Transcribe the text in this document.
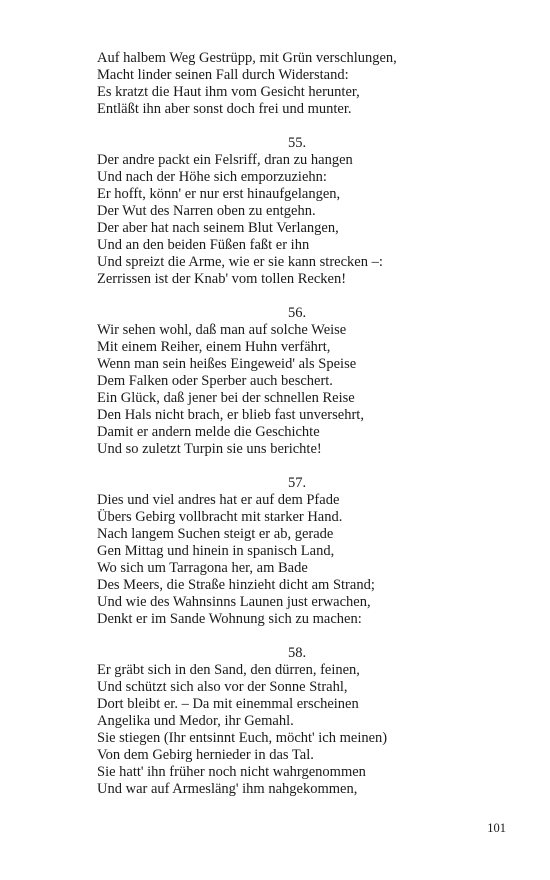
Auf halbem Weg Gestrüpp, mit Grün verschlungen,

Macht linder seinen Fall durch Widerstand:

Es kratzt die Haut ihm vom Gesicht herunter,

Entläßt ihn aber sonst doch frei und munter.

55.

Der andre packt ein Felsriff, dran zu hangen

Und nach der Höhe sich emporzuziehn:

Er hofft, könn' er nur erst hinaufgelangen,

Der Wut des Narren oben zu entgehn.

Der aber hat nach seinem Blut Verlangen,

Und an den beiden Füßen faßt er ihn

Und spreizt die Arme, wie er sie kann strecken –:

Zerrissen ist der Knab' vom tollen Recken!

56.

Wir sehen wohl, daß man auf solche Weise

Mit einem Reiher, einem Huhn verfährt,

Wenn man sein heißes Eingeweid' als Speise

Dem Falken oder Sperber auch beschert.

Ein Glück, daß jener bei der schnellen Reise

Den Hals nicht brach, er blieb fast unversehrt,

Damit er andern melde die Geschichte

Und so zuletzt Turpin sie uns berichte!

57.

Dies und viel andres hat er auf dem Pfade

Übers Gebirg vollbracht mit starker Hand.

Nach langem Suchen steigt er ab, gerade

Gen Mittag und hinein in spanisch Land,

Wo sich um Tarragona her, am Bade

Des Meers, die Straße hinzieht dicht am Strand;

Und wie des Wahnsinns Launen just erwachen,

Denkt er im Sande Wohnung sich zu machen:

58.

Er gräbt sich in den Sand, den dürren, feinen,

Und schützt sich also vor der Sonne Strahl,

Dort bleibt er. – Da mit einemmal erscheinen

Angelika und Medor, ihr Gemahl.

Sie stiegen (Ihr entsinnt Euch, möcht' ich meinen)

Von dem Gebirg hernieder in das Tal.

Sie hatt' ihn früher noch nicht wahrgenommen

Und war auf Armesläng' ihm nahgekommen,

101
